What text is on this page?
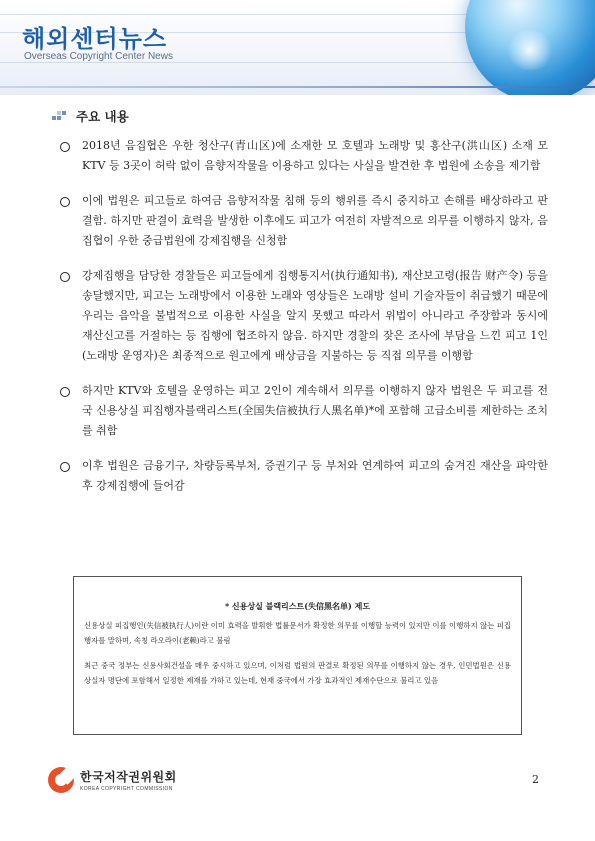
해외센터뉴스
Overseas Copyright Center News
주요 내용
2018년 음집협은 우한 청산구(青山区)에 소재한 모 호텔과 노래방 및 홍산구(洪山区) 소재 모 KTV 등 3곳이 허락 없이 음향저작물을 이용하고 있다는 사실을 발견한 후 법원에 소송을 제기함
이에 법원은 피고들로 하여금 음향저작물 침해 등의 행위를 즉시 중지하고 손해를 배상하라고 판결함. 하지만 판결이 효력을 발생한 이후에도 피고가 여전히 자발적으로 의무를 이행하지 않자, 음집협이 우한 중급법원에 강제집행을 신청함
강제집행을 담당한 경찰들은 피고들에게 집행통지서(执行通知书), 재산보고령(报告 财产令) 등을 송달했지만, 피고는 노래방에서 이용한 노래와 영상들은 노래방 설비 기술자들이 취급했기 때문에 우리는 음악을 불법적으로 이용한 사실을 알지 못했고 따라서 위법이 아니라고 주장함과 동시에 재산신고를 거절하는 등 집행에 협조하지 않음. 하지만 경찰의 잦은 조사에 부담을 느낀 피고 1인(노래방 운영자)은 최종적으로 원고에게 배상금을 지불하는 등 직접 의무를 이행함
하지만 KTV와 호텔을 운영하는 피고 2인이 계속해서 의무를 이행하지 않자 법원은 두 피고를 전국 신용상실 피집행자블랙리스트(全国失信被执行人黑名单)*에 포함해 고급소비를 제한하는 조치를 취함
이후 법원은 금융기구, 차량등록부처, 증권기구 등 부처와 연계하여 피고의 숨겨진 재산을 파악한 후 강제집행에 들어감
* 신용상실 블랙리스트(失信黑名单) 제도

신용상실 피집행인(失信被执行人)이란 이미 효력을 발휘한 법률문서가 확정한 의무를 이행할 능력이 있지만 이를 이행하지 않는 피집행자를 말하며, 속칭 라오라이(老赖)라고 불림

최근 중국 정부는 신용사회건설을 매우 중시하고 있으며, 이처럼 법원의 판결로 확정된 의무를 이행하지 않는 경우, 인민법원은 신용상실자 명단에 포함해서 일정한 제재를 가하고 있는데, 현재 중국에서 가장 효과적인 제재수단으로 불리고 있음

한국저작권위원회
KOREA COPYRIGHT COMMISSION
2
